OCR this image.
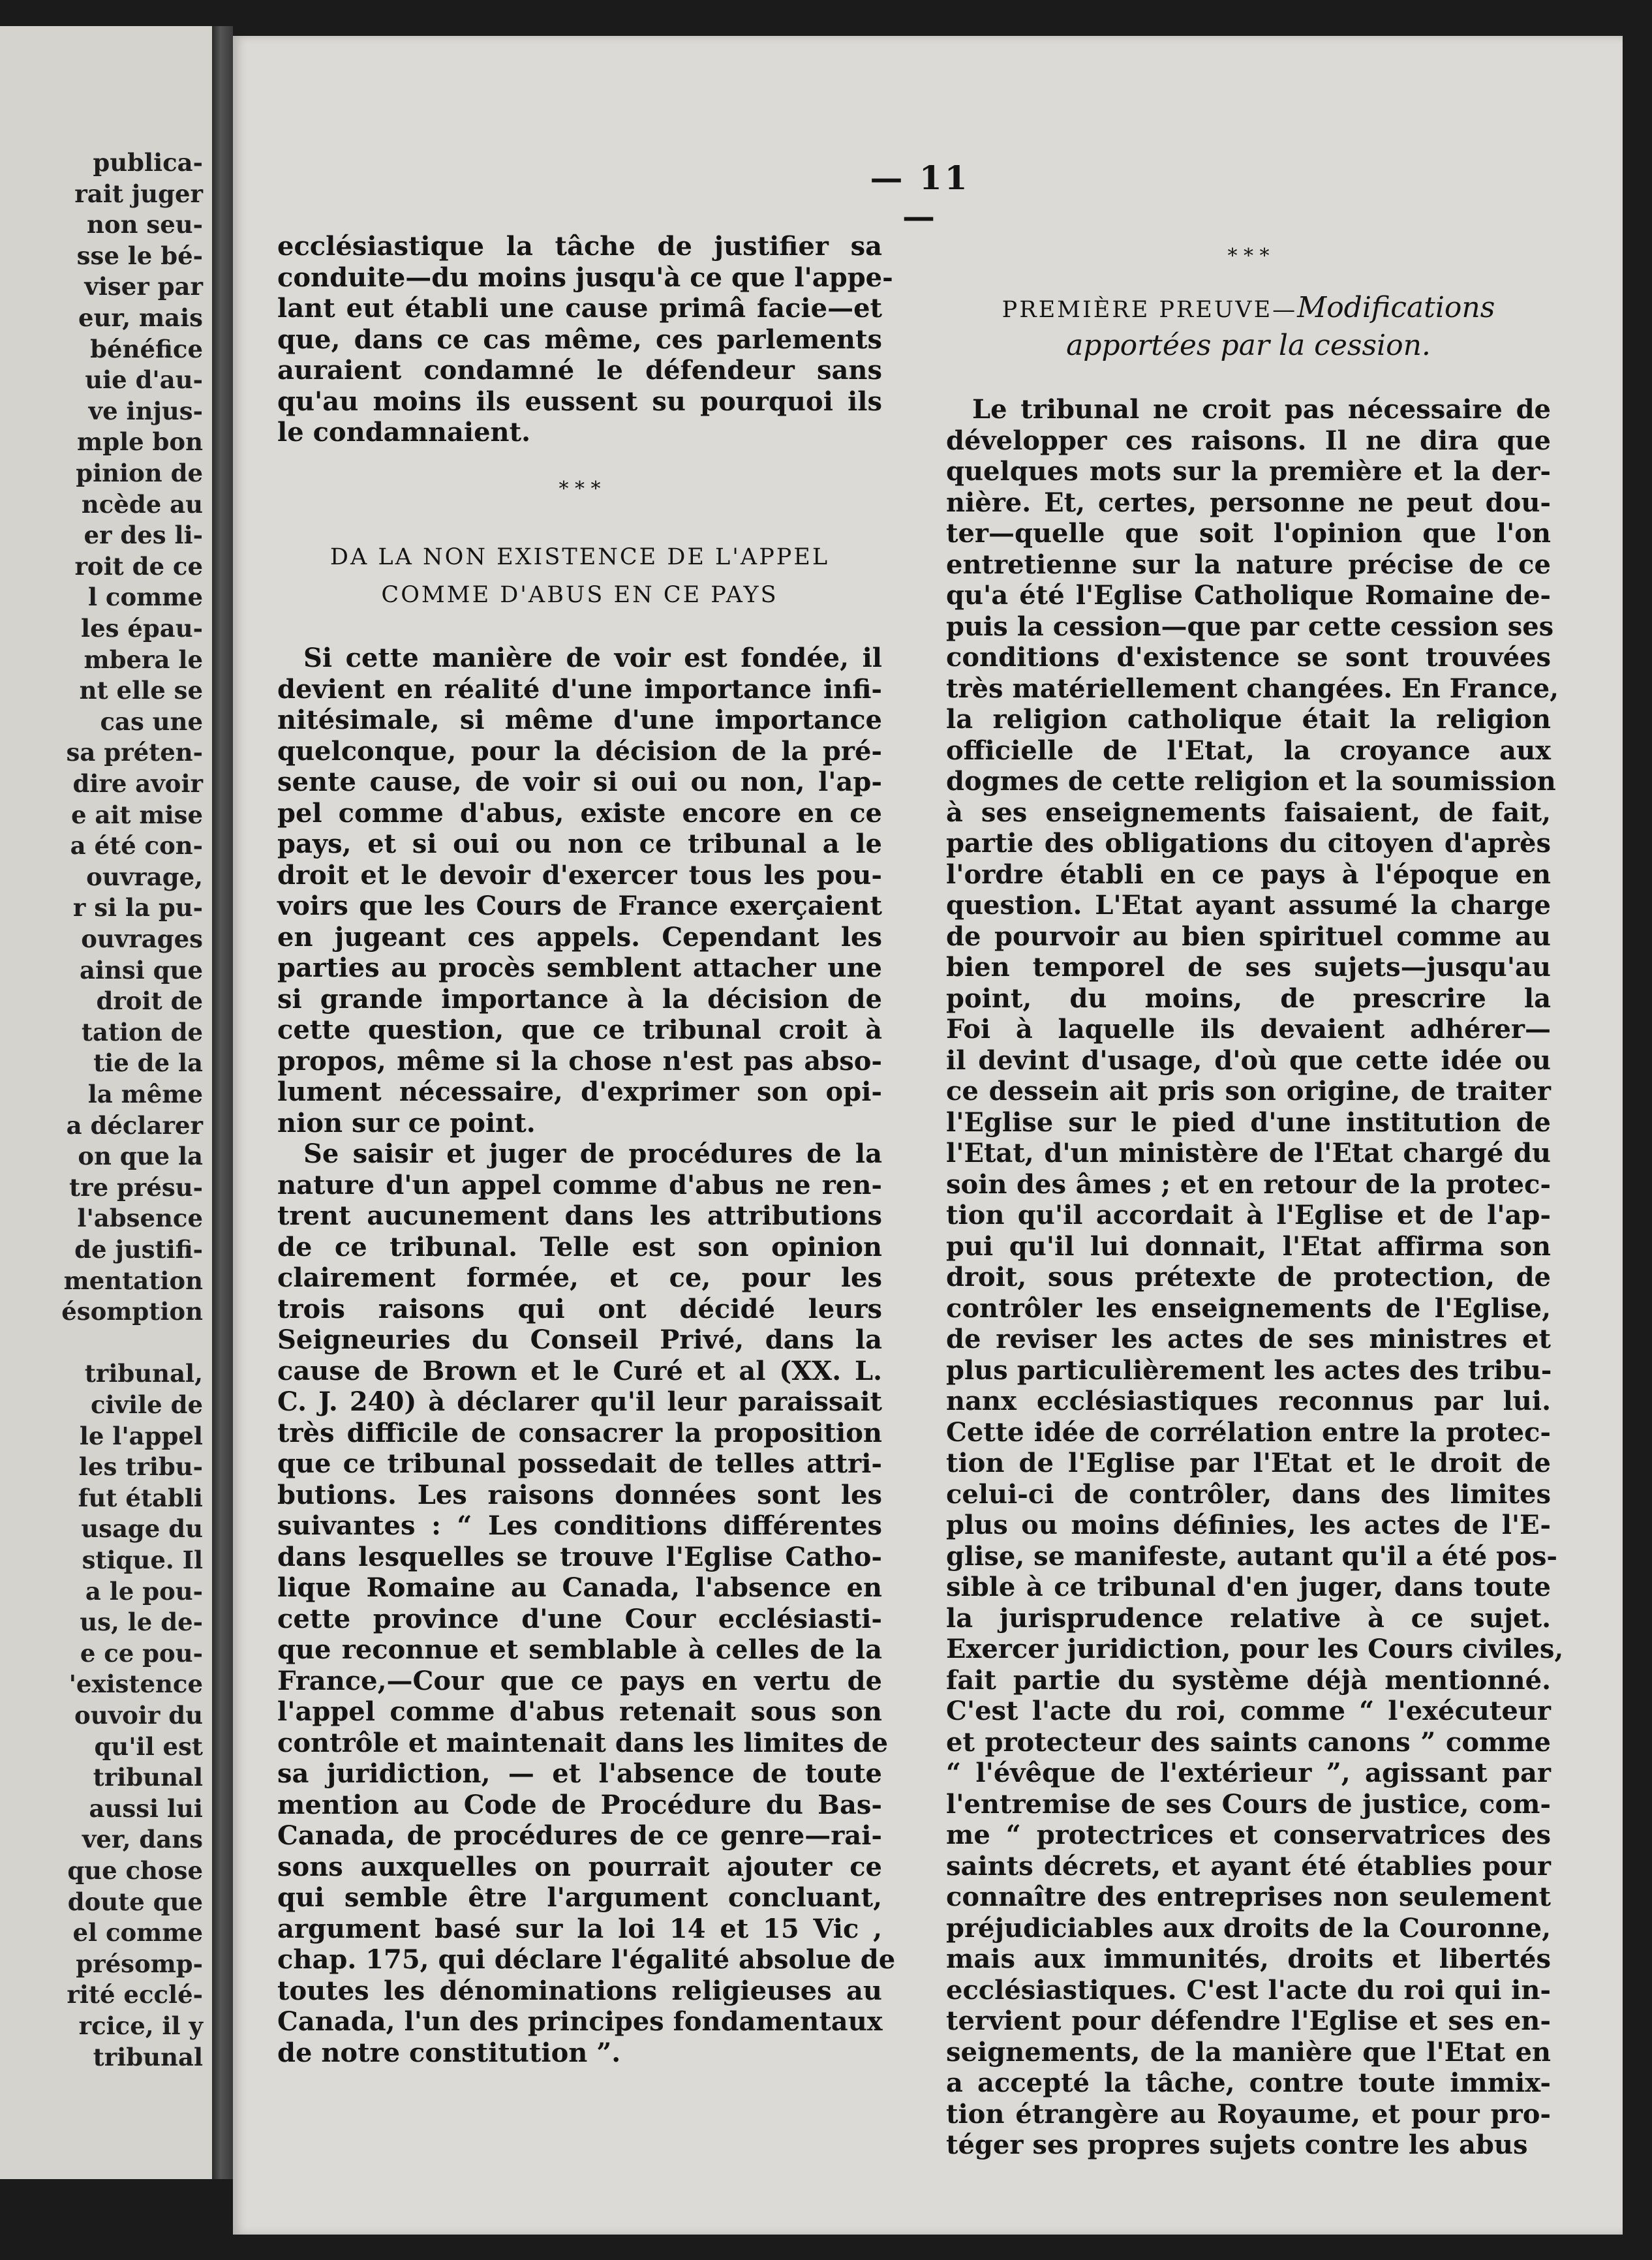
publica-
rait juger
non seu-
sse le bé-
viser par
eur, mais
bénéfice
uie d'au-
ve injus-
mple bon
pinion de
ncède au
er des li-
roit de ce
l comme
les épau-
mbera le
nt elle se
cas une
sa préten-
dire avoir
e ait mise
a été con-
ouvrage,
r si la pu-
ouvrages
ainsi que
droit de
tation de
tie de la
la même
a déclarer
on que la
tre présu-
l'absence
de justifi-
mentation
ésomption
tribunal,
civile de
le l'appel
les tribu-
fut établi
usage du
stique. Il
a le pou-
us, le de-
e ce pou-
'existence
ouvoir du
qu'il est
tribunal
aussi lui
ver, dans
que chose
doute que
el comme
présomp-
rité ecclé-
rcice, il y
tribunal
— 11 —
ecclésiastique la tâche de justifier sa
conduite—du moins jusqu'à ce que l'appe-
lant eut établi une cause primâ facie—et
que, dans ce cas même, ces parlements
auraient condamné le défendeur sans
qu'au moins ils eussent su pourquoi ils
le condamnaient.
* * *
DA LA NON EXISTENCE DE L'APPEL
COMME D'ABUS EN CE PAYS
Si cette manière de voir est fondée, il
devient en réalité d'une importance infi-
nitésimale, si même d'une importance
quelconque, pour la décision de la pré-
sente cause, de voir si oui ou non, l'ap-
pel comme d'abus, existe encore en ce
pays, et si oui ou non ce tribunal a le
droit et le devoir d'exercer tous les pou-
voirs que les Cours de France exerçaient
en jugeant ces appels. Cependant les
parties au procès semblent attacher une
si grande importance à la décision de
cette question, que ce tribunal croit à
propos, même si la chose n'est pas abso-
lument nécessaire, d'exprimer son opi-
nion sur ce point.
Se saisir et juger de procédures de la
nature d'un appel comme d'abus ne ren-
trent aucunement dans les attributions
de ce tribunal. Telle est son opinion
clairement formée, et ce, pour les
trois raisons qui ont décidé leurs
Seigneuries du Conseil Privé, dans la
cause de Brown et le Curé et al (XX. L.
C. J. 240) à déclarer qu'il leur paraissait
très difficile de consacrer la proposition
que ce tribunal possedait de telles attri-
butions. Les raisons données sont les
suivantes : “ Les conditions différentes
dans lesquelles se trouve l'Eglise Catho-
lique Romaine au Canada, l'absence en
cette province d'une Cour ecclésiasti-
que reconnue et semblable à celles de la
France,—Cour que ce pays en vertu de
l'appel comme d'abus retenait sous son
contrôle et maintenait dans les limites de
sa juridiction, — et l'absence de toute
mention au Code de Procédure du Bas-
Canada, de procédures de ce genre—rai-
sons auxquelles on pourrait ajouter ce
qui semble être l'argument concluant,
argument basé sur la loi 14 et 15 Vic ,
chap. 175, qui déclare l'égalité absolue de
toutes les dénominations religieuses au
Canada, l'un des principes fondamentaux
de notre constitution ”.
* * *
PREMIÈRE PREUVE—Modifications
apportées par la cession.
Le tribunal ne croit pas nécessaire de
développer ces raisons. Il ne dira que
quelques mots sur la première et la der-
nière. Et, certes, personne ne peut dou-
ter—quelle que soit l'opinion que l'on
entretienne sur la nature précise de ce
qu'a été l'Eglise Catholique Romaine de-
puis la cession—que par cette cession ses
conditions d'existence se sont trouvées
très matériellement changées. En France,
la religion catholique était la religion
officielle de l'Etat, la croyance aux
dogmes de cette religion et la soumission
à ses enseignements faisaient, de fait,
partie des obligations du citoyen d'après
l'ordre établi en ce pays à l'époque en
question. L'Etat ayant assumé la charge
de pourvoir au bien spirituel comme au
bien temporel de ses sujets—jusqu'au
point, du moins, de prescrire la
Foi à laquelle ils devaient adhérer—
il devint d'usage, d'où que cette idée ou
ce dessein ait pris son origine, de traiter
l'Eglise sur le pied d'une institution de
l'Etat, d'un ministère de l'Etat chargé du
soin des âmes ; et en retour de la protec-
tion qu'il accordait à l'Eglise et de l'ap-
pui qu'il lui donnait, l'Etat affirma son
droit, sous prétexte de protection, de
contrôler les enseignements de l'Eglise,
de reviser les actes de ses ministres et
plus particulièrement les actes des tribu-
nanx ecclésiastiques reconnus par lui.
Cette idée de corrélation entre la protec-
tion de l'Eglise par l'Etat et le droit de
celui-ci de contrôler, dans des limites
plus ou moins définies, les actes de l'E-
glise, se manifeste, autant qu'il a été pos-
sible à ce tribunal d'en juger, dans toute
la jurisprudence relative à ce sujet.
Exercer juridiction, pour les Cours civiles,
fait partie du système déjà mentionné.
C'est l'acte du roi, comme “ l'exécuteur
et protecteur des saints canons ” comme
“ l'évêque de l'extérieur ”, agissant par
l'entremise de ses Cours de justice, com-
me “ protectrices et conservatrices des
saints décrets, et ayant été établies pour
connaître des entreprises non seulement
préjudiciables aux droits de la Couronne,
mais aux immunités, droits et libertés
ecclésiastiques. C'est l'acte du roi qui in-
tervient pour défendre l'Eglise et ses en-
seignements, de la manière que l'Etat en
a accepté la tâche, contre toute immix-
tion étrangère au Royaume, et pour pro-
téger ses propres sujets contre les abus
